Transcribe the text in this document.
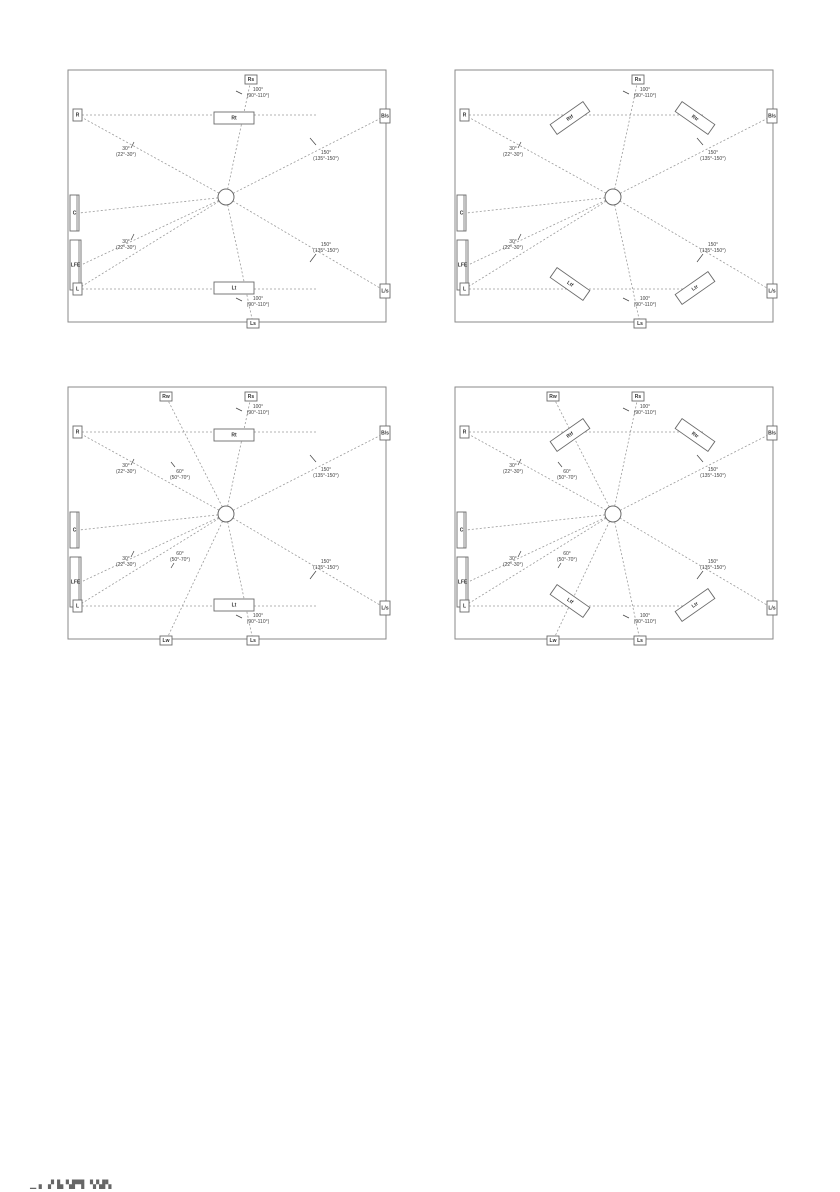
R
C
LFE
L
Rs
Ls
Rt
Lt
B/s
L/s
100°
(90°-110°)
100°
(90°-110°)
30°
(22°-30°)
30°
(22°-30°)
150°
(135°-150°)
150°
(135°-150°)
R
C
LFE
L
Rs
Ls
Rtf	Rtr
Ltf	Ltr
B/s
L/s
100°
(90°-110°)
100°
(90°-110°)
30°
(22°-30°)
30°
(22°-30°)
150°
(135°-150°)
150°
(135°-150°)
R
C
LFE
L
Rs
Ls
Rw
Lw
Rt
Lt
B/s
L/s
100°
(90°-110°)
100°
(90°-110°)
30°
(22°-30°)
30°
(22°-30°)
60°
(50°-70°)
60°
(50°-70°)
150°
(135°-150°)
150°
(135°-150°)
R
C
LFE
L
Rs
Ls
Rw
Lw
Rtf	Rtr
Ltf	Ltr
B/s
L/s
100°
(90°-110°)
100°
(90°-110°)
30°
(22°-30°)
30°
(22°-30°)
60°
(50°-70°)
60°
(50°-70°)
150°
(135°-150°)
150°
(135°-150°)
▁ ▖▗▘▙ ▚▛▜ ▝▞▟▚
